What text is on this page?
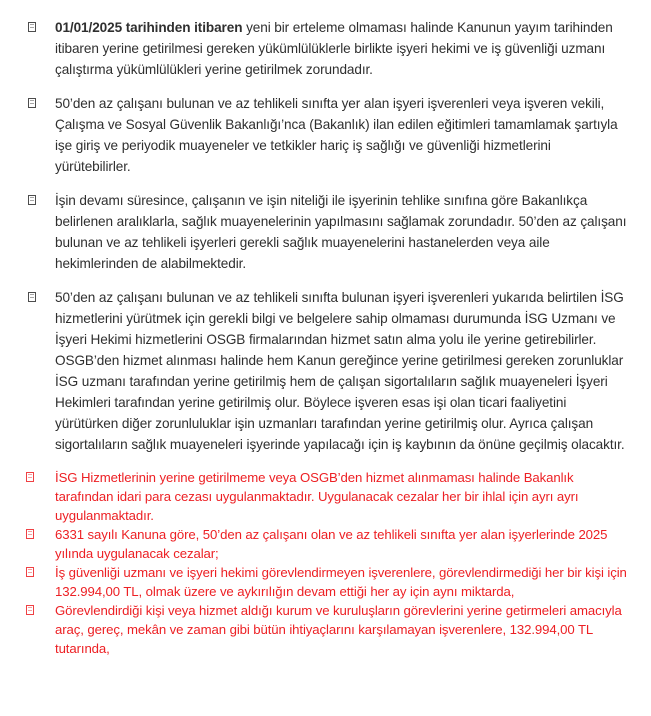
01/01/2025 tarihinden itibaren yeni bir erteleme olmaması halinde Kanunun yayım tarihinden itibaren yerine getirilmesi gereken yükümlülüklerle birlikte işyeri hekimi ve iş güvenliği uzmanı çalıştırma yükümlülükleri yerine getirilmek zorundadır.
50’den az çalışanı bulunan ve az tehlikeli sınıfta yer alan işyeri işverenleri veya işveren vekili, Çalışma ve Sosyal Güvenlik Bakanlığı’nca (Bakanlık) ilan edilen eğitimleri tamamlamak şartıyla işe giriş ve periyodik muayeneler ve tetkikler hariç iş sağlığı ve güvenliği hizmetlerini yürütebilirler.
İşin devamı süresince, çalışanın ve işin niteliği ile işyerinin tehlike sınıfına göre Bakanlıkça belirlenen aralıklarla, sağlık muayenelerinin yapılmasını sağlamak zorundadır. 50’den az çalışanı bulunan ve az tehlikeli işyerleri gerekli sağlık muayenelerini hastanelerden veya aile hekimlerinden de alabilmektedir.
50’den az çalışanı bulunan ve az tehlikeli sınıfta bulunan işyeri işverenleri yukarıda belirtilen İSG hizmetlerini yürütmek için gerekli bilgi ve belgelere sahip olmaması durumunda İSG Uzmanı ve İşyeri Hekimi hizmetlerini OSGB firmalarından hizmet satın alma yolu ile yerine getirebilirler. OSGB’den hizmet alınması halinde hem Kanun gereğince yerine getirilmesi gereken zorunluklar İSG uzmanı tarafından yerine getirilmiş hem de çalışan sigortalıların sağlık muayeneleri İşyeri Hekimleri tarafından yerine getirilmiş olur. Böylece işveren esas işi olan ticari faaliyetini yürütürken diğer zorunluluklar işin uzmanları tarafından yerine getirilmiş olur. Ayrıca çalışan sigortalıların sağlık muayeneleri işyerinde yapılacağı için iş kaybının da önüne geçilmiş olacaktır.
İSG Hizmetlerinin yerine getirilmeme veya OSGB’den hizmet alınmaması halinde Bakanlık tarafından idari para cezası uygulanmaktadır. Uygulanacak cezalar her bir ihlal için ayrı ayrı uygulanmaktadır.
6331 sayılı Kanuna göre, 50’den az çalışanı olan ve az tehlikeli sınıfta yer alan işyerlerinde 2025 yılında uygulanacak cezalar;
İş güvenliği uzmanı ve işyeri hekimi görevlendirmeyen işverenlere, görevlendirmediği her bir kişi için 132.994,00 TL, olmak üzere ve aykırılığın devam ettiği her ay için aynı miktarda,
Görevlendirdiği kişi veya hizmet aldığı kurum ve kuruluşların görevlerini yerine getirmeleri amacıyla araç, gereç, mekân ve zaman gibi bütün ihtiyaçlarını karşılamayan işverenlere, 132.994,00 TL tutarında,
